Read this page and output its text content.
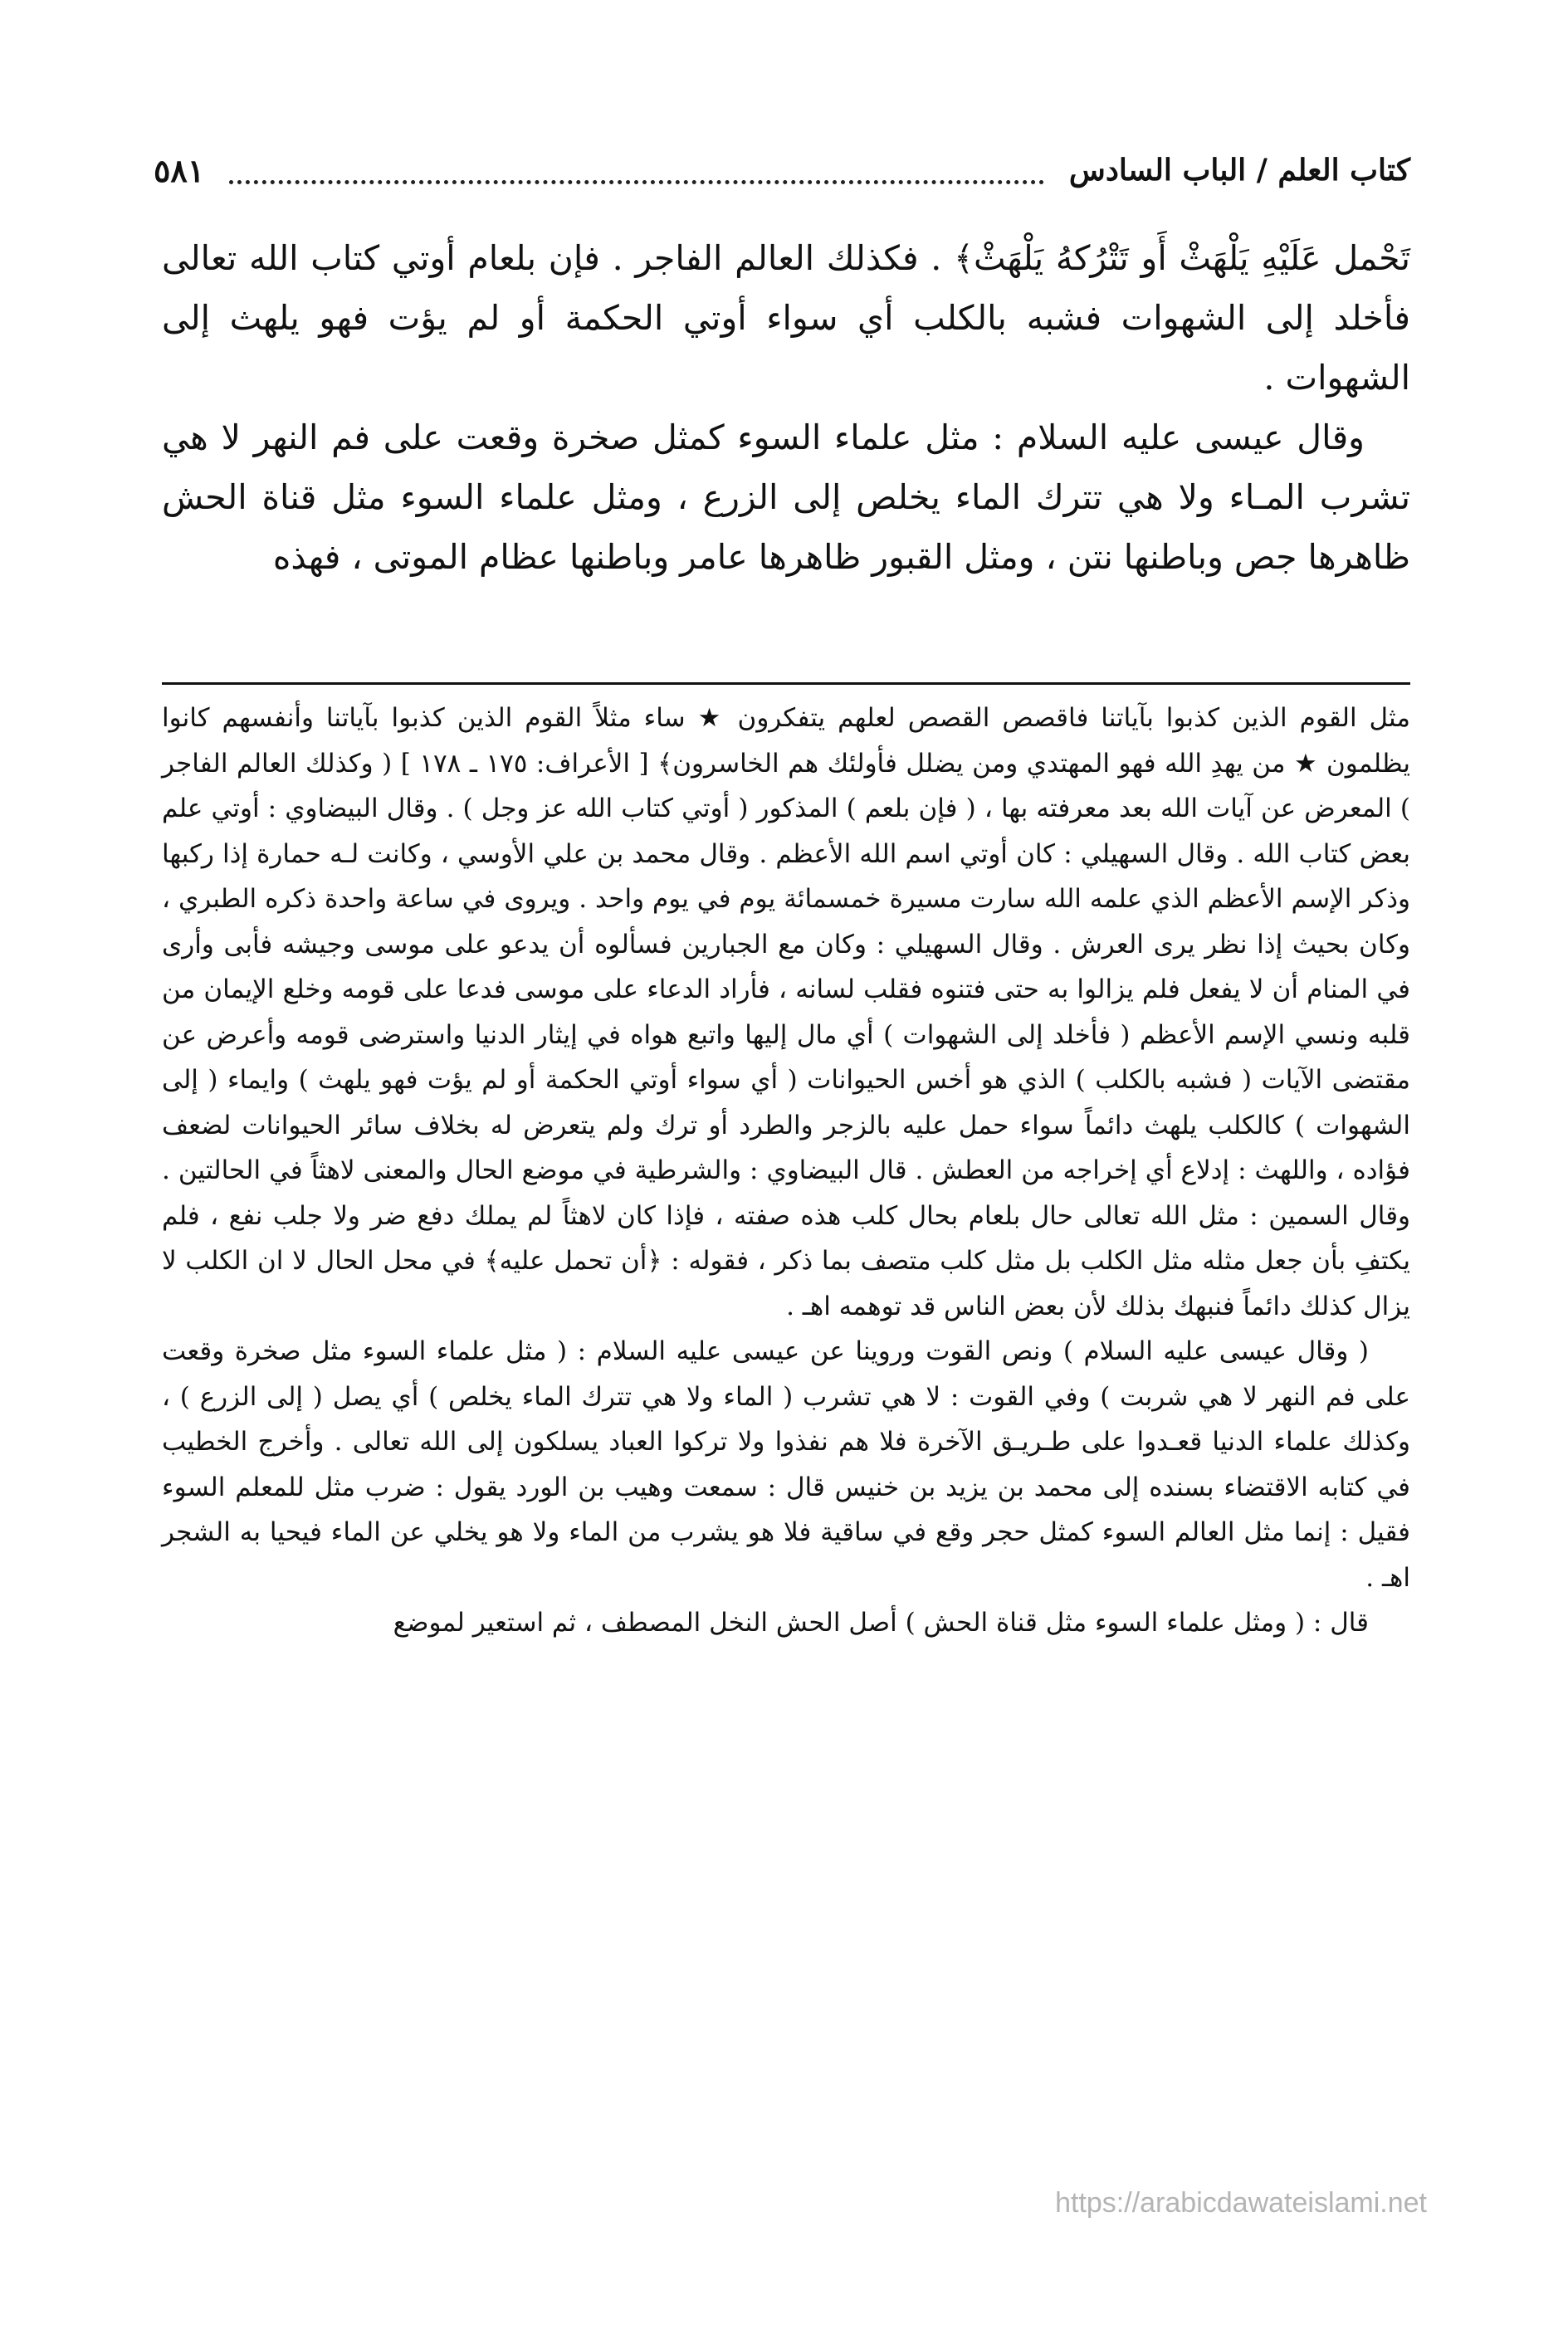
كتاب العلم / الباب السادس
٥٨١

تَحْمل عَلَيْهِ يَلْهَثْ أَو تَتْرُكهُ يَلْهَثْ﴾ . فكذلك العالم الفاجر . فإن بلعام أوتي كتاب الله تعالى فأخلد إلى الشهوات فشبه بالكلب أي سواء أوتي الحكمة أو لم يؤت فهو يلهث إلى الشهوات .

وقال عيسى عليه السلام : مثل علماء السوء كمثل صخرة وقعت على فم النهر لا هي تشرب المـاء ولا هي تترك الماء يخلص إلى الزرع ، ومثل علماء السوء مثل قناة الحش ظاهرها جص وباطنها نتن ، ومثل القبور ظاهرها عامر وباطنها عظام الموتى ، فهذه

مثل القوم الذين كذبوا بآياتنا فاقصص القصص لعلهم يتفكرون ★ ساء مثلاً القوم الذين كذبوا بآياتنا وأنفسهم كانوا يظلمون ★ من يهدِ الله فهو المهتدي ومن يضلل فأولئك هم الخاسرون﴾ [ الأعراف: ١٧٥ ـ ١٧٨ ] ( وكذلك العالم الفاجر ) المعرض عن آيات الله بعد معرفته بها ، ( فإن بلعم ) المذكور ( أوتي كتاب الله عز وجل ) . وقال البيضاوي : أوتي علم بعض كتاب الله . وقال السهيلي : كان أوتي اسم الله الأعظم . وقال محمد بن علي الأوسي ، وكانت لـه حمارة إذا ركبها وذكر الإسم الأعظم الذي علمه الله سارت مسيرة خمسمائة يوم في يوم واحد . ويروى في ساعة واحدة ذكره الطبري ، وكان بحيث إذا نظر يرى العرش . وقال السهيلي : وكان مع الجبارين فسألوه أن يدعو على موسى وجيشه فأبى وأرى في المنام أن لا يفعل فلم يزالوا به حتى فتنوه فقلب لسانه ، فأراد الدعاء على موسى فدعا على قومه وخلع الإيمان من قلبه ونسي الإسم الأعظم ( فأخلد إلى الشهوات ) أي مال إليها واتبع هواه في إيثار الدنيا واسترضى قومه وأعرض عن مقتضى الآيات ( فشبه بالكلب ) الذي هو أخس الحيوانات ( أي سواء أوتي الحكمة أو لم يؤت فهو يلهث ) وايماء ( إلى الشهوات ) كالكلب يلهث دائماً سواء حمل عليه بالزجر والطرد أو ترك ولم يتعرض له بخلاف سائر الحيوانات لضعف فؤاده ، واللهث : إدلاع أي إخراجه من العطش . قال البيضاوي : والشرطية في موضع الحال والمعنى لاهثاً في الحالتين . وقال السمين : مثل الله تعالى حال بلعام بحال كلب هذه صفته ، فإذا كان لاهثاً لم يملك دفع ضر ولا جلب نفع ، فلم يكتفِ بأن جعل مثله مثل الكلب بل مثل كلب متصف بما ذكر ، فقوله : ﴿أن تحمل عليه﴾ في محل الحال لا ان الكلب لا يزال كذلك دائماً فنبهك بذلك لأن بعض الناس قد توهمه اهـ .

( وقال عيسى عليه السلام ) ونص القوت وروينا عن عيسى عليه السلام : ( مثل علماء السوء مثل صخرة وقعت على فم النهر لا هي شربت ) وفي القوت : لا هي تشرب ( الماء ولا هي تترك الماء يخلص ) أي يصل ( إلى الزرع ) ، وكذلك علماء الدنيا قعـدوا على طـريـق الآخرة فلا هم نفذوا ولا تركوا العباد يسلكون إلى الله تعالى . وأخرج الخطيب في كتابه الاقتضاء بسنده إلى محمد بن يزيد بن خنيس قال : سمعت وهيب بن الورد يقول : ضرب مثل للمعلم السوء فقيل : إنما مثل العالم السوء كمثل حجر وقع في ساقية فلا هو يشرب من الماء ولا هو يخلي عن الماء فيحيا به الشجر اهـ .

قال : ( ومثل علماء السوء مثل قناة الحش ) أصل الحش النخل المصطف ، ثم استعير لموضع

https://arabicdawateislami.net
